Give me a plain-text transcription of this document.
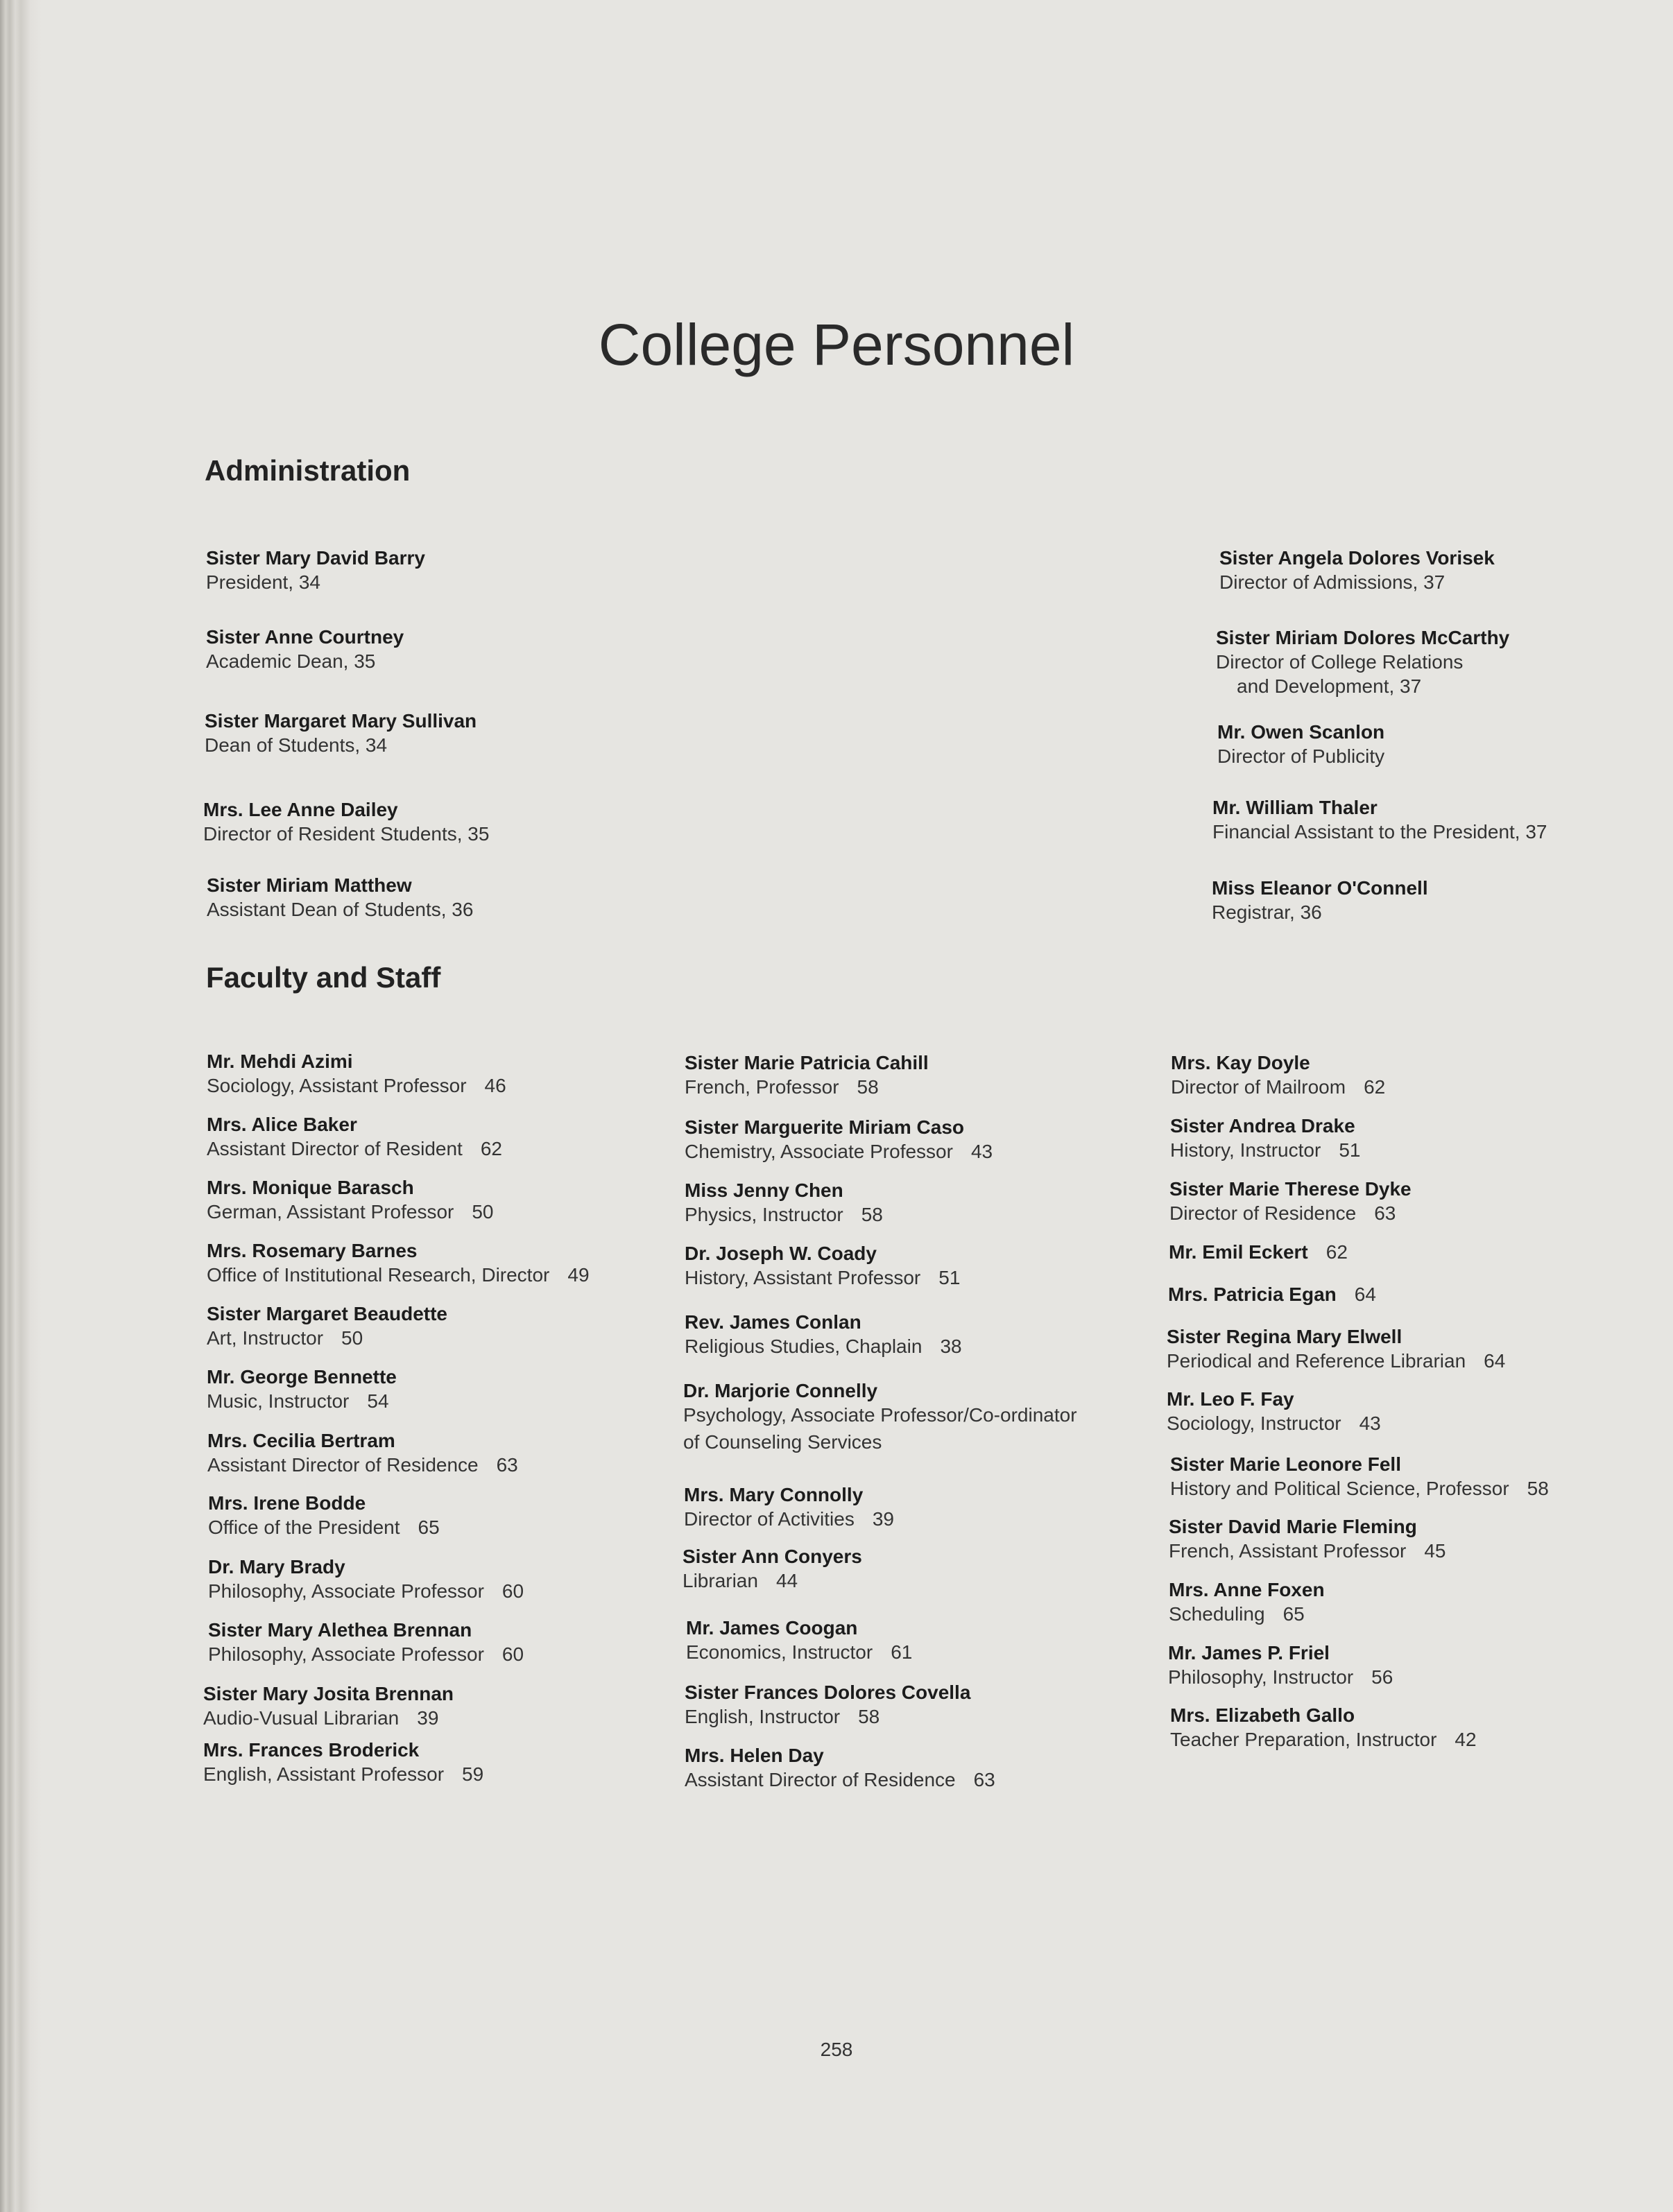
College Personnel
Administration
Sister Mary David Barry
President, 34
Sister Anne Courtney
Academic Dean, 35
Sister Margaret Mary Sullivan
Dean of Students, 34
Mrs. Lee Anne Dailey
Director of Resident Students, 35
Sister Miriam Matthew
Assistant Dean of Students, 36
Sister Angela Dolores Vorisek
Director of Admissions, 37
Sister Miriam Dolores McCarthy
Director of College Relations
and Development, 37
Mr. Owen Scanlon
Director of Publicity
Mr. William Thaler
Financial Assistant to the President, 37
Miss Eleanor O'Connell
Registrar, 36
Faculty and Staff
Mr. Mehdi Azimi
Sociology, Assistant Professor 46
Mrs. Alice Baker
Assistant Director of Resident 62
Mrs. Monique Barasch
German, Assistant Professor 50
Mrs. Rosemary Barnes
Office of Institutional Research, Director 49
Sister Margaret Beaudette
Art, Instructor 50
Mr. George Bennette
Music, Instructor 54
Mrs. Cecilia Bertram
Assistant Director of Residence 63
Mrs. Irene Bodde
Office of the President 65
Dr. Mary Brady
Philosophy, Associate Professor 60
Sister Mary Alethea Brennan
Philosophy, Associate Professor 60
Sister Mary Josita Brennan
Audio-Vusual Librarian 39
Mrs. Frances Broderick
English, Assistant Professor 59
Sister Marie Patricia Cahill
French, Professor 58
Sister Marguerite Miriam Caso
Chemistry, Associate Professor 43
Miss Jenny Chen
Physics, Instructor 58
Dr. Joseph W. Coady
History, Assistant Professor 51
Rev. James Conlan
Religious Studies, Chaplain 38
Dr. Marjorie Connelly
Psychology, Associate Professor/Co-ordinator
of Counseling Services
Mrs. Mary Connolly
Director of Activities 39
Sister Ann Conyers
Librarian 44
Mr. James Coogan
Economics, Instructor 61
Sister Frances Dolores Covella
English, Instructor 58
Mrs. Helen Day
Assistant Director of Residence 63
Mrs. Kay Doyle
Director of Mailroom 62
Sister Andrea Drake
History, Instructor 51
Sister Marie Therese Dyke
Director of Residence 63
Mr. Emil Eckert 62
Mrs. Patricia Egan 64
Sister Regina Mary Elwell
Periodical and Reference Librarian 64
Mr. Leo F. Fay
Sociology, Instructor 43
Sister Marie Leonore Fell
History and Political Science, Professor 58
Sister David Marie Fleming
French, Assistant Professor 45
Mrs. Anne Foxen
Scheduling 65
Mr. James P. Friel
Philosophy, Instructor 56
Mrs. Elizabeth Gallo
Teacher Preparation, Instructor 42
258
